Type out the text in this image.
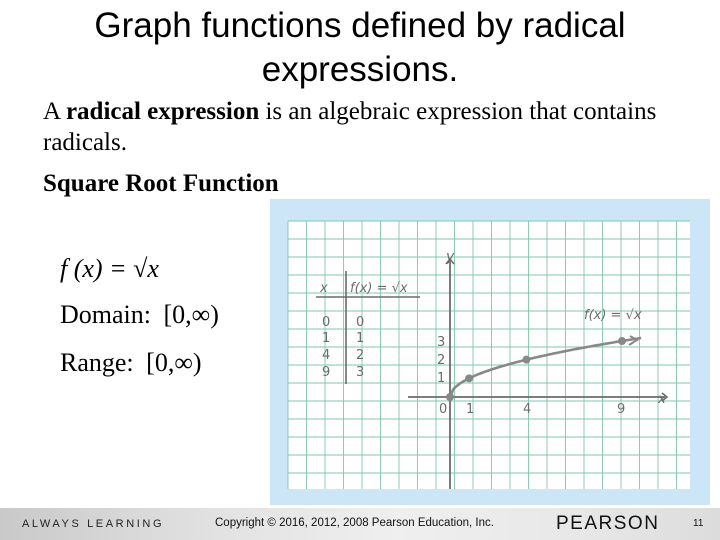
Graph functions defined by radical
expressions.
A radical expression is an algebraic expression that contains radicals.
Square Root Function
f (x) = √x
Domain: [0,∞)
Range: [0,∞)
y
x
f(x) = √x
x f(x) = √x
0 0
1 1
4 2
9 3
0 1	4	9
1
2
3
ALWAYS LEARNING	Copyright © 2016, 2012, 2008 Pearson Education, Inc.	PEARSON	11
